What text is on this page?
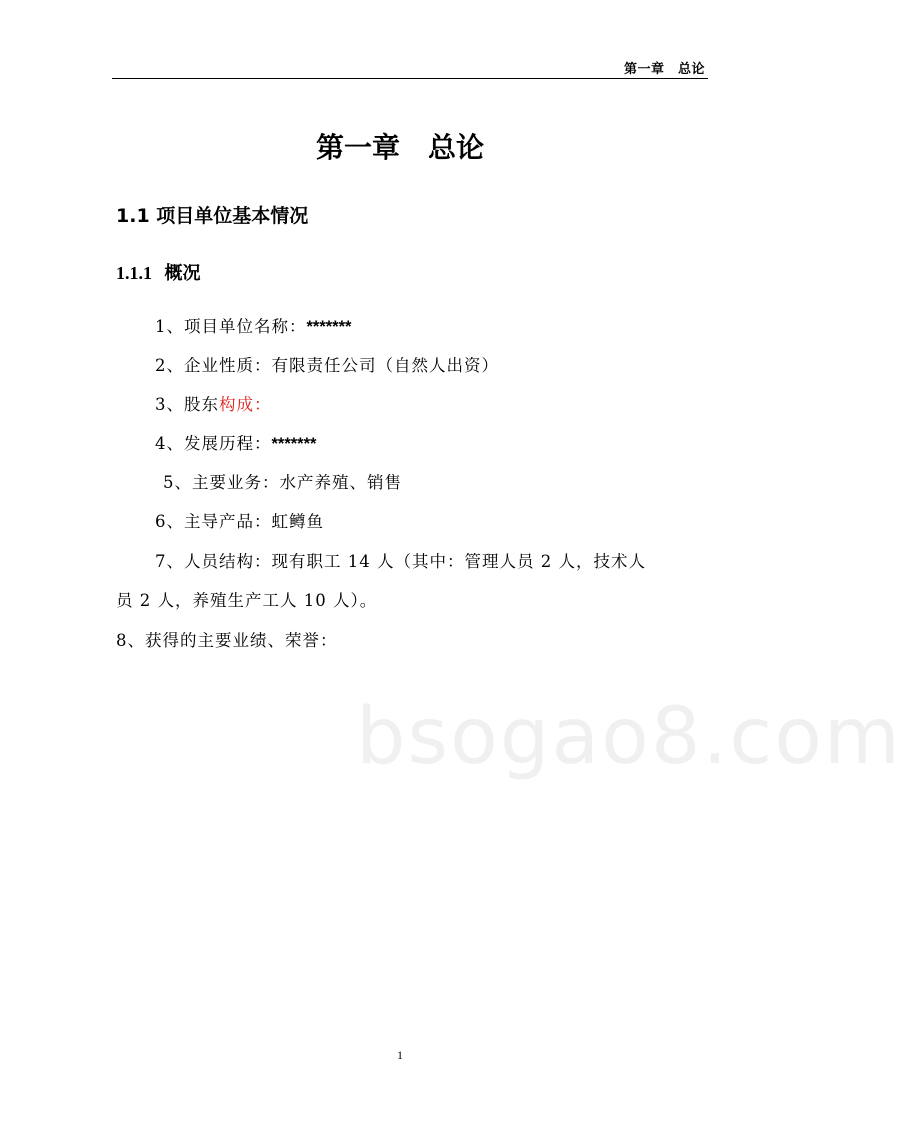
第一章　总论
第一章　总论
1.1 项目单位基本情况
1.1.1 概况
1、项目单位名称：*******
2、企业性质：有限责任公司（自然人出资）
3、股东构成：
4、发展历程：*******
5、主要业务：水产养殖、销售
6、主导产品：虹鳟鱼
7、人员结构：现有职工 14 人（其中：管理人员 2 人，技术人
员 2 人，养殖生产工人 10 人）。
8、获得的主要业绩、荣誉：
bsogao8.com
1
